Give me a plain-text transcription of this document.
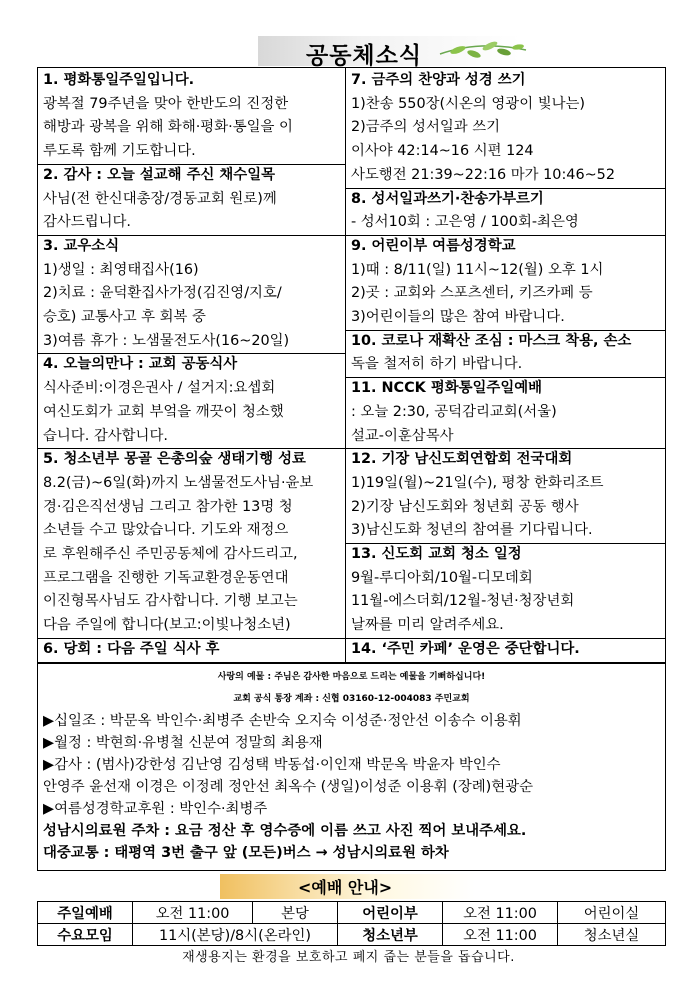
공동체소식
1. 평화통일주일입니다.
광복절 79주년을 맞아 한반도의 진정한
해방과 광복을 위해 화해·평화·통일을 이
루도록 함께 기도합니다.
2. 감사 : 오늘 설교해 주신 채수일목
사님(전 한신대총장/경동교회 원로)께
감사드립니다.
3. 교우소식
1)생일 : 최영태집사(16)
2)치료 : 윤덕환집사가정(김진영/지호/
승호) 교통사고 후 회복 중
3)여름 휴가 : 노샘물전도사(16~20일)
4. 오늘의만나 : 교회 공동식사
식사준비:이경은권사 / 설거지:요셉회
여신도회가 교회 부엌을 깨끗이 청소했
습니다. 감사합니다.
5. 청소년부 몽골 은총의숲 생태기행 성료
8.2(금)~6일(화)까지 노샘물전도사님·윤보
경·김은직선생님 그리고 참가한 13명 청
소년들 수고 많았습니다. 기도와 재정으
로 후원해주신 주민공동체에 감사드리고,
프로그램을 진행한 기독교환경운동연대
이진형목사님도 감사합니다. 기행 보고는
다음 주일에 합니다(보고:이빛나청소년)
6. 당회 : 다음 주일 식사 후
7. 금주의 찬양과 성경 쓰기
1)찬송 550장(시온의 영광이 빛나는)
2)금주의 성서일과 쓰기
이사야 42:14~16 시편 124
사도행전 21:39~22:16 마가 10:46~52
8. 성서일과쓰기·찬송가부르기
- 성서10회 : 고은영 / 100회-최은영
9. 어린이부 여름성경학교
1)때 : 8/11(일) 11시~12(월) 오후 1시
2)곳 : 교회와 스포츠센터, 키즈카페 등
3)어린이들의 많은 참여 바랍니다.
10. 코로나 재확산 조심 : 마스크 착용, 손소
독을 철저히 하기 바랍니다.
11. NCCK 평화통일주일예배
: 오늘 2:30, 공덕감리교회(서울)
설교-이훈삼목사
12. 기장 남신도회연합회 전국대회
1)19일(월)~21일(수), 평창 한화리조트
2)기장 남신도회와 청년회 공동 행사
3)남신도화 청년의 참여를 기다립니다.
13. 신도회 교회 청소 일정
9월-루디아회/10월-디모데회
11월-에스더회/12월-청년·청장년회
날짜를 미리 알려주세요.
14. ‘주민 카페’ 운영은 중단합니다.
사랑의 예물 : 주님은 감사한 마음으로 드리는 예물을 기뻐하십니다!
교회 공식 통장 계좌 : 신협 03160-12-004083 주민교회
▶십일조 : 박문옥 박인수·최병주 손반숙 오지숙 이성준·정안선 이송수 이용휘
▶월정 : 박현희·유병철 신분여 정말희 최용재
▶감사 : (범사)강한성 김난영 김성택 박동섭·이인재 박문옥 박윤자 박인수
안영주 윤선재 이경은 이정례 정안선 최옥수 (생일)이성준 이용휘 (장례)현광순
▶여름성경학교후원 : 박인수·최병주
성남시의료원 주차 : 요금 정산 후 영수증에 이름 쓰고 사진 찍어 보내주세요.
대중교통 : 태평역 3번 출구 앞 (모든)버스 → 성남시의료원 하차
<예배 안내>
주일예배	오전 11:00	본당	어린이부	오전 11:00	어린이실
수요모임	11시(본당)/8시(온라인)		청소년부	오전 11:00	청소년실
재생용지는 환경을 보호하고 폐지 줍는 분들을 돕습니다.
